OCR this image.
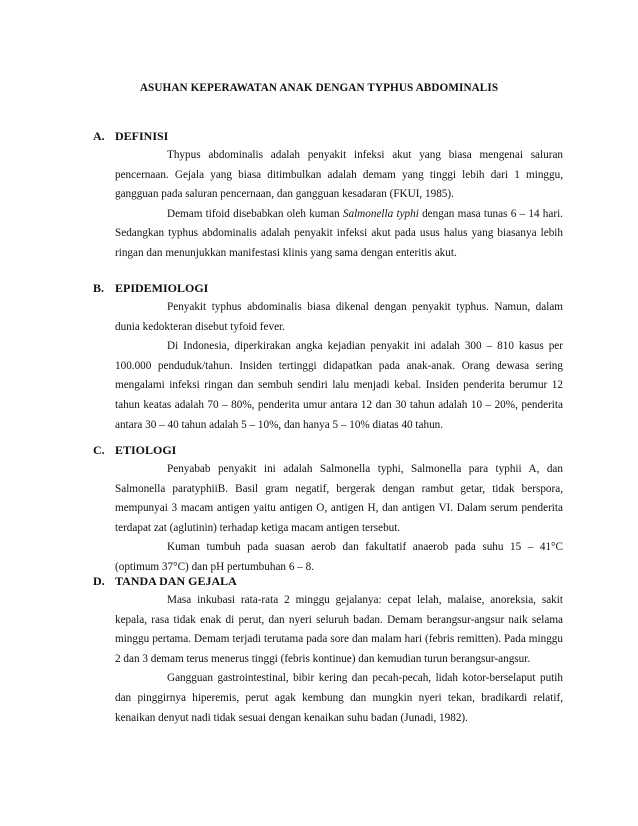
ASUHAN KEPERAWATAN ANAK DENGAN TYPHUS ABDOMINALIS
A. DEFINISI

Thypus abdominalis adalah penyakit infeksi akut yang biasa mengenai saluran pencernaan. Gejala yang biasa ditimbulkan adalah demam yang tinggi lebih dari 1 minggu, gangguan pada saluran pencernaan, dan gangguan kesadaran (FKUI, 1985).

Demam tifoid disebabkan oleh kuman Salmonella typhi dengan masa tunas 6 – 14 hari. Sedangkan typhus abdominalis adalah penyakit infeksi akut pada usus halus yang biasanya lebih ringan dan menunjukkan manifestasi klinis yang sama dengan enteritis akut.

B. EPIDEMIOLOGI

Penyakit typhus abdominalis biasa dikenal dengan penyakit typhus. Namun, dalam dunia kedokteran disebut tyfoid fever.

Di Indonesia, diperkirakan angka kejadian penyakit ini adalah 300 – 810 kasus per 100.000 penduduk/tahun. Insiden tertinggi didapatkan pada anak-anak. Orang dewasa sering mengalami infeksi ringan dan sembuh sendiri lalu menjadi kebal. Insiden penderita berumur 12 tahun keatas adalah 70 – 80%, penderita umur antara 12 dan 30 tahun adalah 10 – 20%, penderita antara 30 – 40 tahun adalah 5 – 10%, dan hanya 5 – 10% diatas 40 tahun.

C. ETIOLOGI

Penyabab penyakit ini adalah Salmonella typhi, Salmonella para typhii A, dan Salmonella paratyphiiB. Basil gram negatif, bergerak dengan rambut getar, tidak berspora, mempunyai 3 macam antigen yaitu antigen O, antigen H, dan antigen VI. Dalam serum penderita terdapat zat (aglutinin) terhadap ketiga macam antigen tersebut.

Kuman tumbuh pada suasan aerob dan fakultatif anaerob pada suhu 15 – 41°C (optimum 37°C) dan pH pertumbuhan 6 – 8.

D. TANDA DAN GEJALA

Masa inkubasi rata-rata 2 minggu gejalanya: cepat lelah, malaise, anoreksia, sakit kepala, rasa tidak enak di perut, dan nyeri seluruh badan. Demam berangsur-angsur naik selama minggu pertama. Demam terjadi terutama pada sore dan malam hari (febris remitten). Pada minggu 2 dan 3 demam terus menerus tinggi (febris kontinue) dan kemudian turun berangsur-angsur.

Gangguan gastrointestinal, bibir kering dan pecah-pecah, lidah kotor-berselaput putih dan pinggirnya hiperemis, perut agak kembung dan mungkin nyeri tekan, bradikardi relatif, kenaikan denyut nadi tidak sesuai dengan kenaikan suhu badan (Junadi, 1982).
